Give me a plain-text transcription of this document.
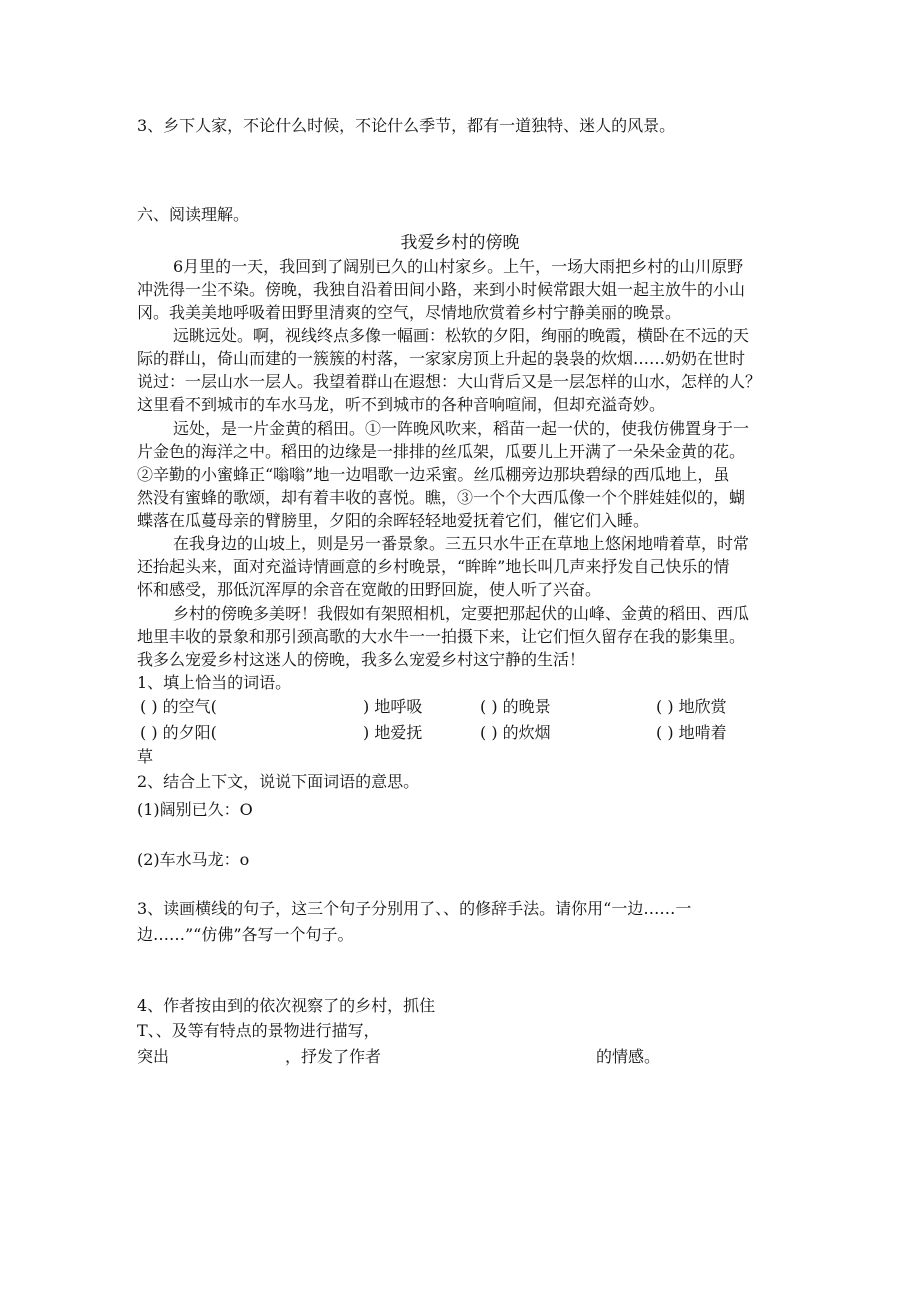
3、乡下人家，不论什么时候，不论什么季节，都有一道独特、迷人的风景。
六、阅读理解。
我爱乡村的傍晚
6月里的一天，我回到了阔别已久的山村家乡。上午，一场大雨把乡村的山川原野
冲洗得一尘不染。傍晚，我独自沿着田间小路，来到小时候常跟大姐一起主放牛的小山
冈。我美美地呼吸着田野里清爽的空气，尽情地欣赏着乡村宁静美丽的晚景。
远眺远处。啊，视线终点多像一幅画：松软的夕阳，绚丽的晚霞，横卧在不远的天
际的群山，倚山而建的一簇簇的村落，一家家房顶上升起的袅袅的炊烟……奶奶在世时
说过：一层山水一层人。我望着群山在遐想：大山背后又是一层怎样的山水，怎样的人？
这里看不到城市的车水马龙，听不到城市的各种音响喧闹，但却充溢奇妙。
远处，是一片金黄的稻田。①一阵晚风吹来，稻苗一起一伏的，使我仿佛置身于一
片金色的海洋之中。稻田的边缘是一排排的丝瓜架，瓜要儿上开满了一朵朵金黄的花。
②辛勤的小蜜蜂正“嗡嗡”地一边唱歌一边采蜜。丝瓜棚旁边那块碧绿的西瓜地上，虽
然没有蜜蜂的歌颂，却有着丰收的喜悦。瞧，③一个个大西瓜像一个个胖娃娃似的，蝴
蝶落在瓜蔓母亲的臂膀里，夕阳的余晖轻轻地爱抚着它们，催它们入睡。
在我身边的山坡上，则是另一番景象。三五只水牛正在草地上悠闲地啃着草，时常
还抬起头来，面对充溢诗情画意的乡村晚景，“眸眸”地长叫几声来抒发自己快乐的情
怀和感受，那低沉浑厚的余音在宽敞的田野回旋，使人听了兴奋。
乡村的傍晚多美呀！我假如有架照相机，定要把那起伏的山峰、金黄的稻田、西瓜
地里丰收的景象和那引颈高歌的大水牛一一拍摄下来，让它们恒久留存在我的影集里。
我多么宠爱乡村这迷人的傍晚，我多么宠爱乡村这宁静的生活！
1、填上恰当的词语。
( ) 的空气(	) 地呼吸	( ) 的晚景	( ) 地欣赏
( ) 的夕阳(	) 地爱抚	( ) 的炊烟	( ) 地啃着
草
2、结合上下文，说说下面词语的意思。
(1)阔别已久：O
(2)车水马龙：o
3、读画横线的句子，这三个句子分别用了、、的修辞手法。请你用“一边……一
边……”“仿佛”各写一个句子。
4、作者按由到的依次视察了的乡村，抓住
T、、及等有特点的景物进行描写，
突出	，抒发了作者	的情感。
